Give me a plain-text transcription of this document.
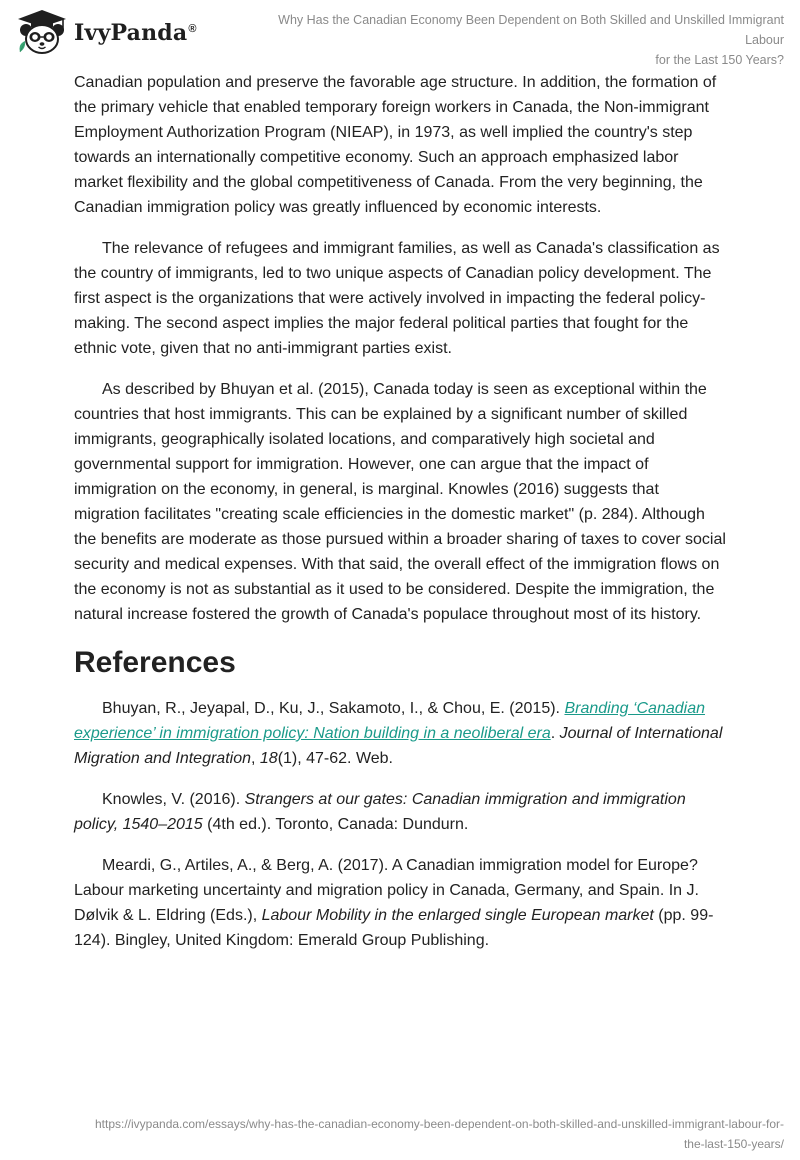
IvyPanda®
Why Has the Canadian Economy Been Dependent on Both Skilled and Unskilled Immigrant Labour
for the Last 150 Years?

Canadian population and preserve the favorable age structure. In addition, the formation of the primary vehicle that enabled temporary foreign workers in Canada, the Non-immigrant Employment Authorization Program (NIEAP), in 1973, as well implied the country's step towards an internationally competitive economy. Such an approach emphasized labor market flexibility and the global competitiveness of Canada. From the very beginning, the Canadian immigration policy was greatly influenced by economic interests.

The relevance of refugees and immigrant families, as well as Canada's classification as the country of immigrants, led to two unique aspects of Canadian policy development. The first aspect is the organizations that were actively involved in impacting the federal policy-making. The second aspect implies the major federal political parties that fought for the ethnic vote, given that no anti-immigrant parties exist.

As described by Bhuyan et al. (2015), Canada today is seen as exceptional within the countries that host immigrants. This can be explained by a significant number of skilled immigrants, geographically isolated locations, and comparatively high societal and governmental support for immigration. However, one can argue that the impact of immigration on the economy, in general, is marginal. Knowles (2016) suggests that migration facilitates "creating scale efficiencies in the domestic market" (p. 284). Although the benefits are moderate as those pursued within a broader sharing of taxes to cover social security and medical expenses. With that said, the overall effect of the immigration flows on the economy is not as substantial as it used to be considered. Despite the immigration, the natural increase fostered the growth of Canada's populace throughout most of its history.

References

Bhuyan, R., Jeyapal, D., Ku, J., Sakamoto, I., & Chou, E. (2015). Branding ‘Canadian experience’ in immigration policy: Nation building in a neoliberal era. Journal of International Migration and Integration, 18(1), 47-62. Web.

Knowles, V. (2016). Strangers at our gates: Canadian immigration and immigration policy, 1540–2015 (4th ed.). Toronto, Canada: Dundurn.

Meardi, G., Artiles, A., & Berg, A. (2017). A Canadian immigration model for Europe? Labour marketing uncertainty and migration policy in Canada, Germany, and Spain. In J. Dølvik & L. Eldring (Eds.), Labour Mobility in the enlarged single European market (pp. 99-124). Bingley, United Kingdom: Emerald Group Publishing.

https://ivypanda.com/essays/why-has-the-canadian-economy-been-dependent-on-both-skilled-and-unskilled-immigrant-labour-for-
the-last-150-years/
